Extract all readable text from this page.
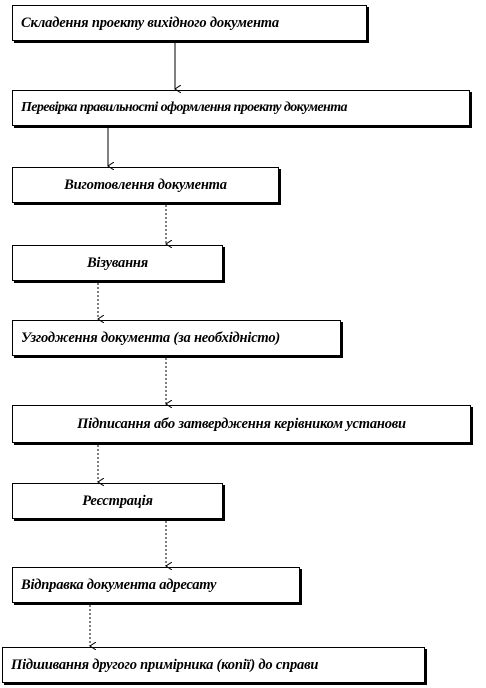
Складення проекту вихідного документа
Перевірка правильності оформлення проекту документа
Виготовлення документа
Візування
Узгодження документа (за необхідністо)
Підписання або затвердження керівником установи
Реєстрація
Відправка документа адресату
Підшивання другого примірника (копії) до справи
